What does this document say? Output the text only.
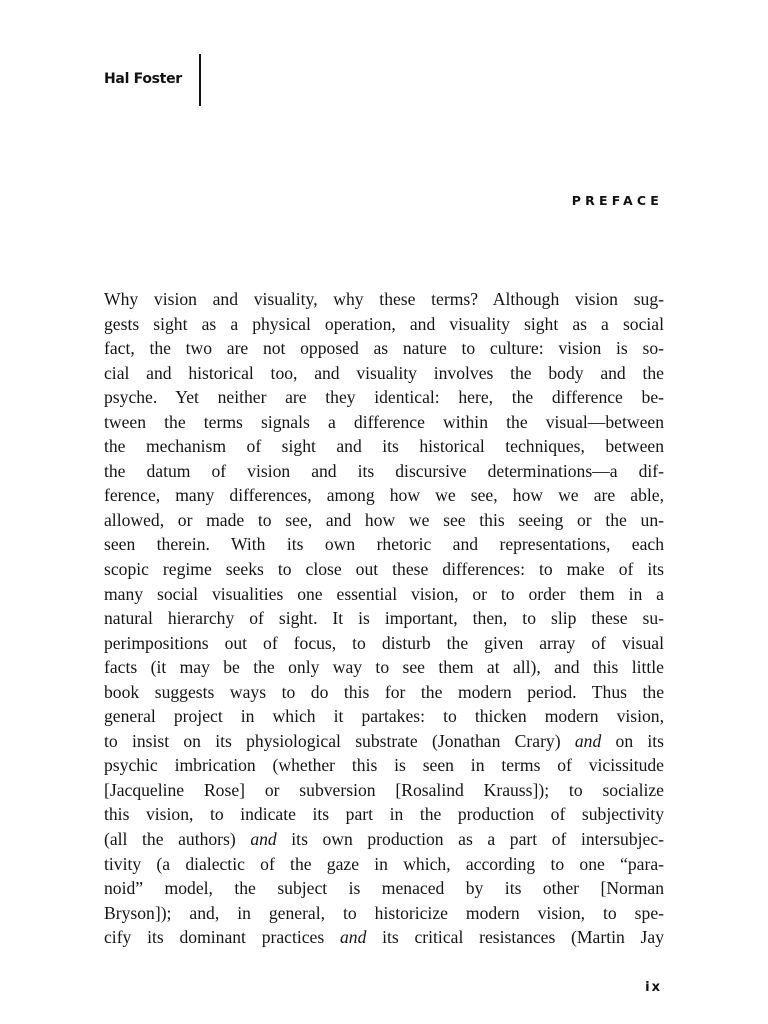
Hal Foster
PREFACE
Why vision and visuality, why these terms? Although vision sug-
gests sight as a physical operation, and visuality sight as a social
fact, the two are not opposed as nature to culture: vision is so-
cial and historical too, and visuality involves the body and the
psyche. Yet neither are they identical: here, the difference be-
tween the terms signals a difference within the visual—between
the mechanism of sight and its historical techniques, between
the datum of vision and its discursive determinations—a dif-
ference, many differences, among how we see, how we are able,
allowed, or made to see, and how we see this seeing or the un-
seen therein. With its own rhetoric and representations, each
scopic regime seeks to close out these differences: to make of its
many social visualities one essential vision, or to order them in a
natural hierarchy of sight. It is important, then, to slip these su-
perimpositions out of focus, to disturb the given array of visual
facts (it may be the only way to see them at all), and this little
book suggests ways to do this for the modern period. Thus the
general project in which it partakes: to thicken modern vision,
to insist on its physiological substrate (Jonathan Crary) and on its
psychic imbrication (whether this is seen in terms of vicissitude
[Jacqueline Rose] or subversion [Rosalind Krauss]); to socialize
this vision, to indicate its part in the production of subjectivity
(all the authors) and its own production as a part of intersubjec-
tivity (a dialectic of the gaze in which, according to one “para-
noid” model, the subject is menaced by its other [Norman
Bryson]); and, in general, to historicize modern vision, to spe-
cify its dominant practices and its critical resistances (Martin Jay
ix
